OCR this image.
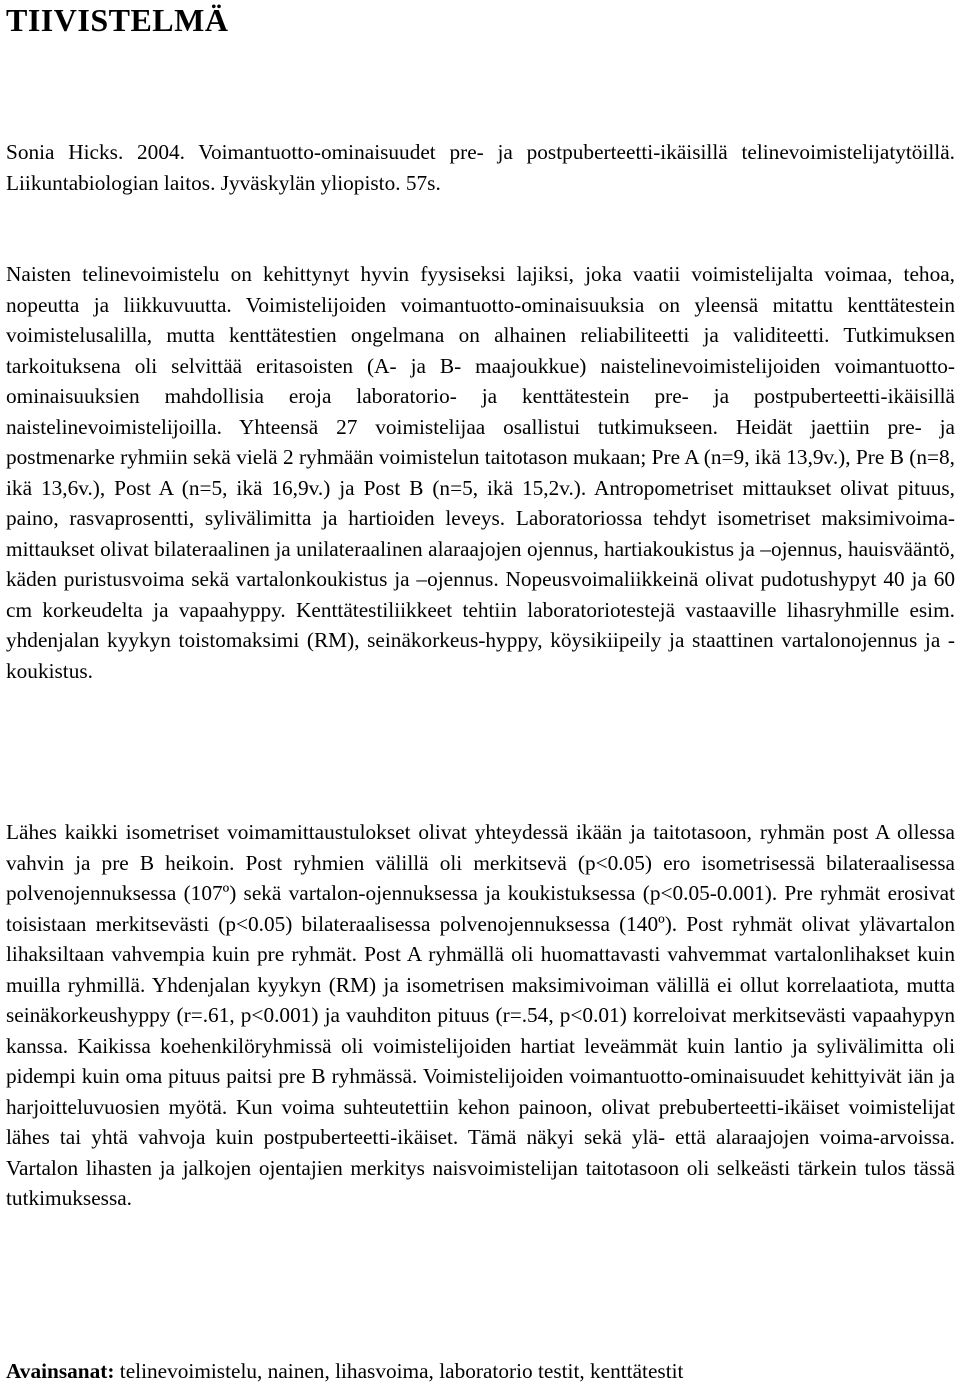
TIIVISTELMÄ

Sonia Hicks. 2004. Voimantuotto-ominaisuudet pre- ja postpuberteetti-ikäisillä telinevoimistelijatytöillä. Liikuntabiologian laitos. Jyväskylän yliopisto. 57s.

Naisten telinevoimistelu on kehittynyt hyvin fyysiseksi lajiksi, joka vaatii voimistelijalta voimaa, tehoa, nopeutta ja liikkuvuutta. Voimistelijoiden voimantuotto-ominaisuuksia on yleensä mitattu kenttätestein voimistelusalilla, mutta kenttätestien ongelmana on alhainen reliabiliteetti ja validiteetti. Tutkimuksen tarkoituksena oli selvittää eritasoisten (A- ja B- maajoukkue) naistelinevoimistelijoiden voimantuotto-ominaisuuksien mahdollisia eroja laboratorio- ja kenttätestein pre- ja postpuberteetti-ikäisillä naistelinevoimistelijoilla. Yhteensä 27 voimistelijaa osallistui tutkimukseen. Heidät jaettiin pre- ja postmenarke ryhmiin sekä vielä 2 ryhmään voimistelun taitotason mukaan; Pre A (n=9, ikä 13,9v.), Pre B (n=8, ikä 13,6v.), Post A (n=5, ikä 16,9v.) ja Post B (n=5, ikä 15,2v.). Antropometriset mittaukset olivat pituus, paino, rasvaprosentti, sylivälimitta ja hartioiden leveys. Laboratoriossa tehdyt isometriset maksimivoima-mittaukset olivat bilateraalinen ja unilateraalinen alaraajojen ojennus, hartiakoukistus ja –ojennus, hauisvääntö, käden puristusvoima sekä vartalonkoukistus ja –ojennus. Nopeusvoimaliikkeinä olivat pudotushypyt 40 ja 60 cm korkeudelta ja vapaahyppy. Kenttätestiliikkeet tehtiin laboratoriotestejä vastaaville lihasryhmille esim. yhdenjalan kyykyn toistomaksimi (RM), seinäkorkeus-hyppy, köysikiipeily ja staattinen vartalonojennus ja -koukistus.

Lähes kaikki isometriset voimamittaustulokset olivat yhteydessä ikään ja taitotasoon, ryhmän post A ollessa vahvin ja pre B heikoin. Post ryhmien välillä oli merkitsevä (p<0.05) ero isometrisessä bilateraalisessa polvenojennuksessa (107º) sekä vartalon-ojennuksessa ja koukistuksessa (p<0.05-0.001). Pre ryhmät erosivat toisistaan merkitsevästi (p<0.05) bilateraalisessa polvenojennuksessa (140º). Post ryhmät olivat ylävartalon lihaksiltaan vahvempia kuin pre ryhmät. Post A ryhmällä oli huomattavasti vahvemmat vartalonlihakset kuin muilla ryhmillä. Yhdenjalan kyykyn (RM) ja isometrisen maksimivoiman välillä ei ollut korrelaatiota, mutta seinäkorkeushyppy (r=.61, p<0.001) ja vauhditon pituus (r=.54, p<0.01) korreloivat merkitsevästi vapaahypyn kanssa. Kaikissa koehenkilöryhmissä oli voimistelijoiden hartiat leveämmät kuin lantio ja sylivälimitta oli pidempi kuin oma pituus paitsi pre B ryhmässä. Voimistelijoiden voimantuotto-ominaisuudet kehittyivät iän ja harjoitteluvuosien myötä. Kun voima suhteutettiin kehon painoon, olivat prebuberteetti-ikäiset voimistelijat lähes tai yhtä vahvoja kuin postpuberteetti-ikäiset. Tämä näkyi sekä ylä- että alaraajojen voima-arvoissa. Vartalon lihasten ja jalkojen ojentajien merkitys naisvoimistelijan taitotasoon oli selkeästi tärkein tulos tässä tutkimuksessa.

Avainsanat: telinevoimistelu, nainen, lihasvoima, laboratorio testit, kenttätestit
